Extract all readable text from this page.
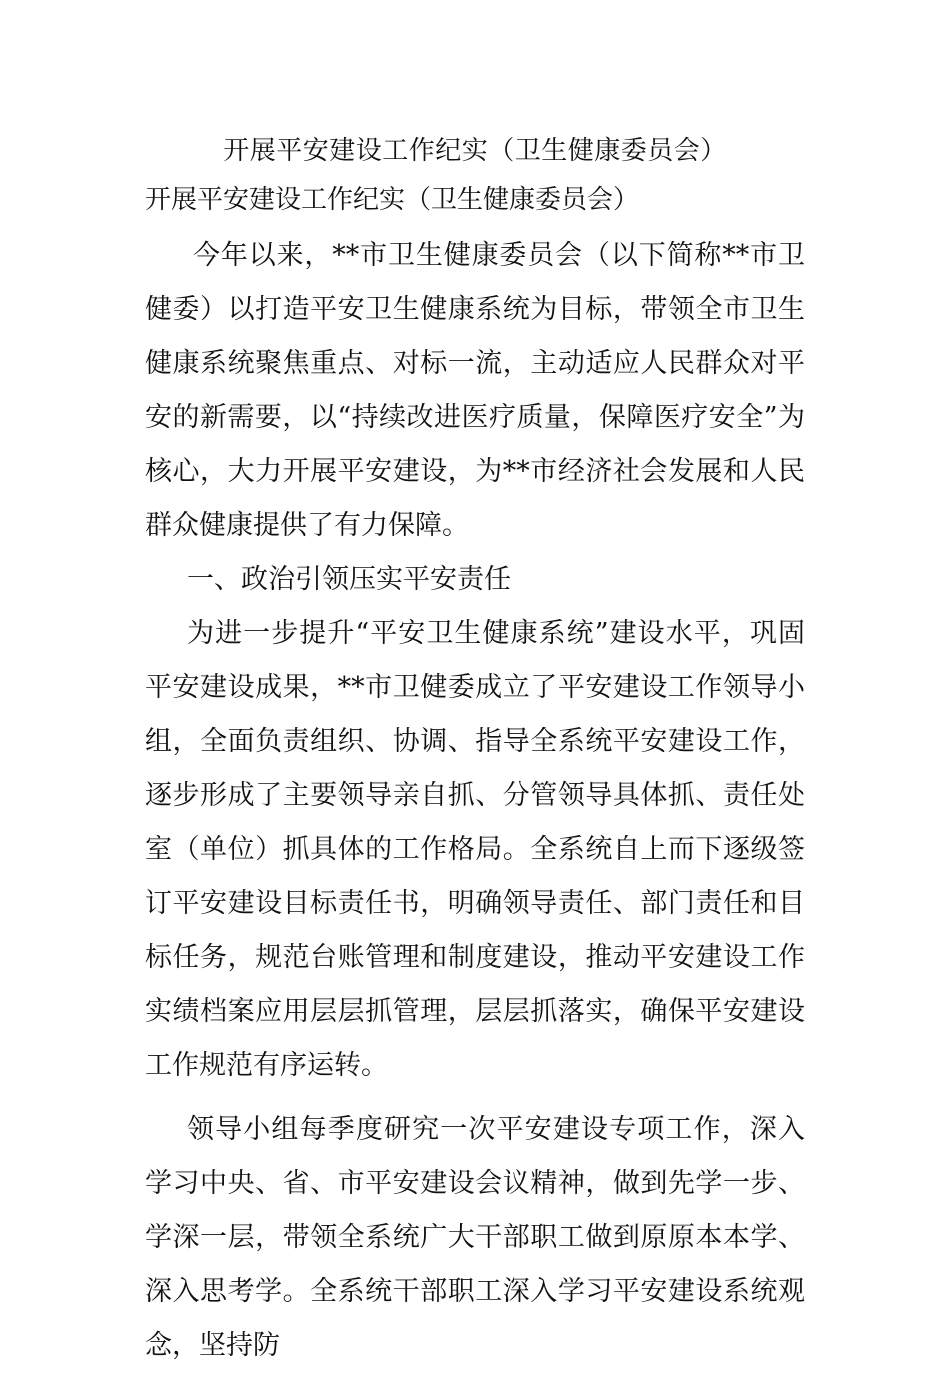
开展平安建设工作纪实（卫生健康委员会）
开展平安建设工作纪实（卫生健康委员会）

今年以来，**市卫生健康委员会（以下简称**市卫健委）以打造平安卫生健康系统为目标，带领全市卫生健康系统聚焦重点、对标一流，主动适应人民群众对平安的新需要，以“持续改进医疗质量，保障医疗安全”为核心，大力开展平安建设，为**市经济社会发展和人民群众健康提供了有力保障。

一、政治引领压实平安责任

为进一步提升“平安卫生健康系统”建设水平，巩固平安建设成果，**市卫健委成立了平安建设工作领导小组，全面负责组织、协调、指导全系统平安建设工作，逐步形成了主要领导亲自抓、分管领导具体抓、责任处室（单位）抓具体的工作格局。全系统自上而下逐级签订平安建设目标责任书，明确领导责任、部门责任和目标任务，规范台账管理和制度建设，推动平安建设工作实绩档案应用层层抓管理，层层抓落实，确保平安建设工作规范有序运转。

领导小组每季度研究一次平安建设专项工作，深入学习中央、省、市平安建设会议精神，做到先学一步、学深一层，带领全系统广大干部职工做到原原本本学、深入思考学。全系统干部职工深入学习平安建设系统观念，坚持防
